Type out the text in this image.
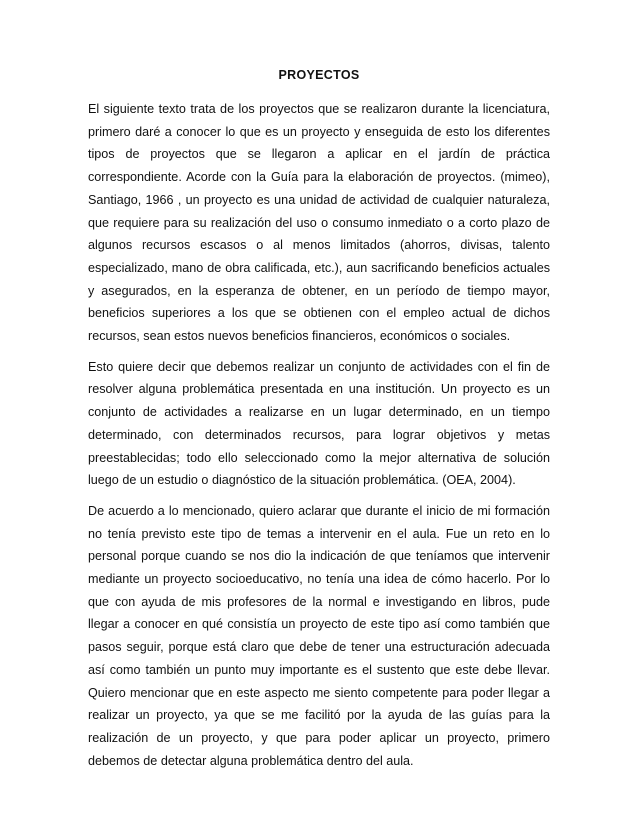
PROYECTOS

El siguiente texto trata de los proyectos que se realizaron durante la licenciatura, primero daré a conocer lo que es un proyecto y enseguida de esto los diferentes tipos de proyectos que se llegaron a aplicar en el jardín de práctica correspondiente. Acorde con la Guía para la elaboración de proyectos. (mimeo), Santiago, 1966 , un proyecto es una unidad de actividad de cualquier naturaleza, que requiere para su realización del uso o consumo inmediato o a corto plazo de algunos recursos escasos o al menos limitados (ahorros, divisas, talento especializado, mano de obra calificada, etc.), aun sacrificando beneficios actuales y asegurados, en la esperanza de obtener, en un período de tiempo mayor, beneficios superiores a los que se obtienen con el empleo actual de dichos recursos, sean estos nuevos beneficios financieros, económicos o sociales.

Esto quiere decir que debemos realizar un conjunto de actividades con el fin de resolver alguna problemática presentada en una institución. Un proyecto es un conjunto de actividades a realizarse en un lugar determinado, en un tiempo determinado, con determinados recursos, para lograr objetivos y metas preestablecidas; todo ello seleccionado como la mejor alternativa de solución luego de un estudio o diagnóstico de la situación problemática. (OEA, 2004).

De acuerdo a lo mencionado, quiero aclarar que durante el inicio de mi formación no tenía previsto este tipo de temas a intervenir en el aula. Fue un reto en lo personal porque cuando se nos dio la indicación de que teníamos que intervenir mediante un proyecto socioeducativo, no tenía una idea de cómo hacerlo. Por lo que con ayuda de mis profesores de la normal e investigando en libros, pude llegar a conocer en qué consistía un proyecto de este tipo así como también que pasos seguir, porque está claro que debe de tener una estructuración adecuada así como también un punto muy importante es el sustento que este debe llevar. Quiero mencionar que en este aspecto me siento competente para poder llegar a realizar un proyecto, ya que se me facilitó por la ayuda de las guías para la realización de un proyecto, y que para poder aplicar un proyecto, primero debemos de detectar alguna problemática dentro del aula.
